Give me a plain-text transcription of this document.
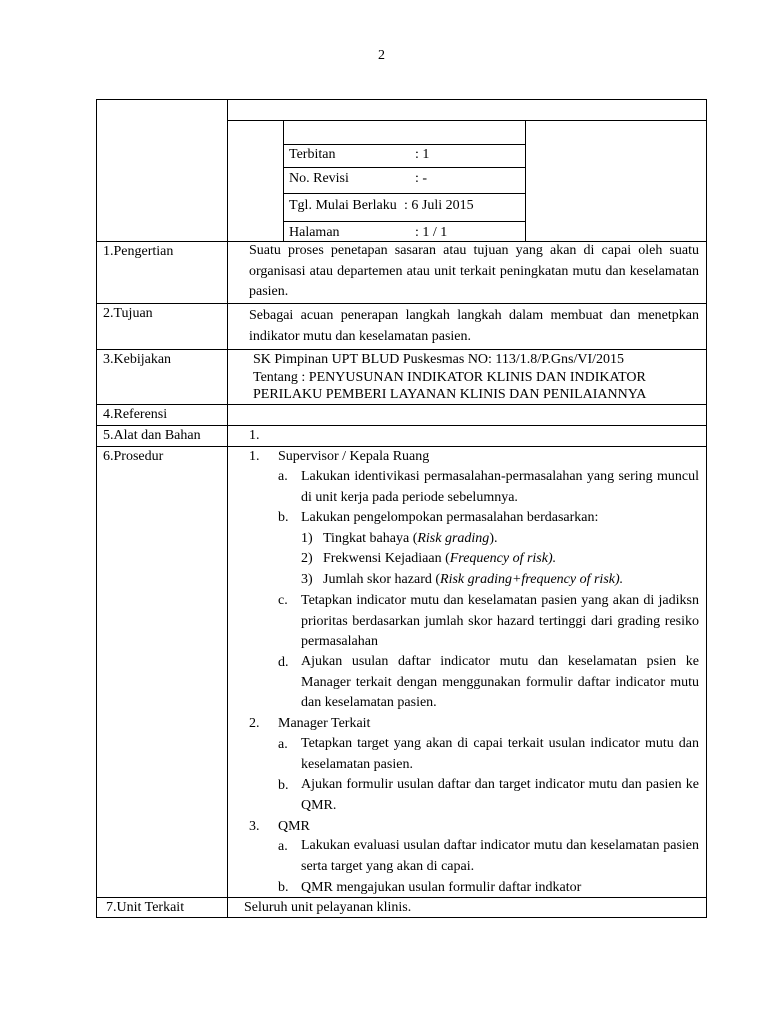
2
Terbitan	: 1
No. Revisi	: -
Tgl. Mulai Berlaku : 6 Juli 2015
Halaman	: 1 / 1
1.Pengertian	Suatu proses penetapan sasaran atau tujuan yang akan di capai oleh suatu organisasi atau departemen atau unit terkait peningkatan mutu dan keselamatan pasien.
2.Tujuan	Sebagai acuan penerapan langkah langkah dalam membuat dan menetpkan indikator mutu dan keselamatan pasien.
3.Kebijakan	SK Pimpinan UPT BLUD Puskesmas NO: 113/1.8/P.Gns/VI/2015
Tentang : PENYUSUNAN INDIKATOR KLINIS DAN INDIKATOR
PERILAKU PEMBERI LAYANAN KLINIS DAN PENILAIANNYA
4.Referensi
5.Alat dan Bahan	1.
6.Prosedur	1. Supervisor / Kepala Ruang
a. Lakukan identivikasi permasalahan-permasalahan yang sering muncul di unit kerja pada periode sebelumnya.
b. Lakukan pengelompokan permasalahan berdasarkan:
1) Tingkat bahaya (Risk grading).
2) Frekwensi Kejadiaan (Frequency of risk).
3) Jumlah skor hazard (Risk grading+frequency of risk).
c. Tetapkan indicator mutu dan keselamatan pasien yang akan di jadiksn prioritas berdasarkan jumlah skor hazard tertinggi dari grading resiko permasalahan
d. Ajukan usulan daftar indicator mutu dan keselamatan psien ke Manager terkait dengan menggunakan formulir daftar indicator mutu dan keselamatan pasien.
2. Manager Terkait
a. Tetapkan target yang akan di capai terkait usulan indicator mutu dan keselamatan pasien.
b. Ajukan formulir usulan daftar dan target indicator mutu dan pasien ke QMR.
3. QMR
a. Lakukan evaluasi usulan daftar indicator mutu dan keselamatan pasien serta target yang akan di capai.
b. QMR mengajukan usulan formulir daftar indkator
7.Unit Terkait	Seluruh unit pelayanan klinis.
